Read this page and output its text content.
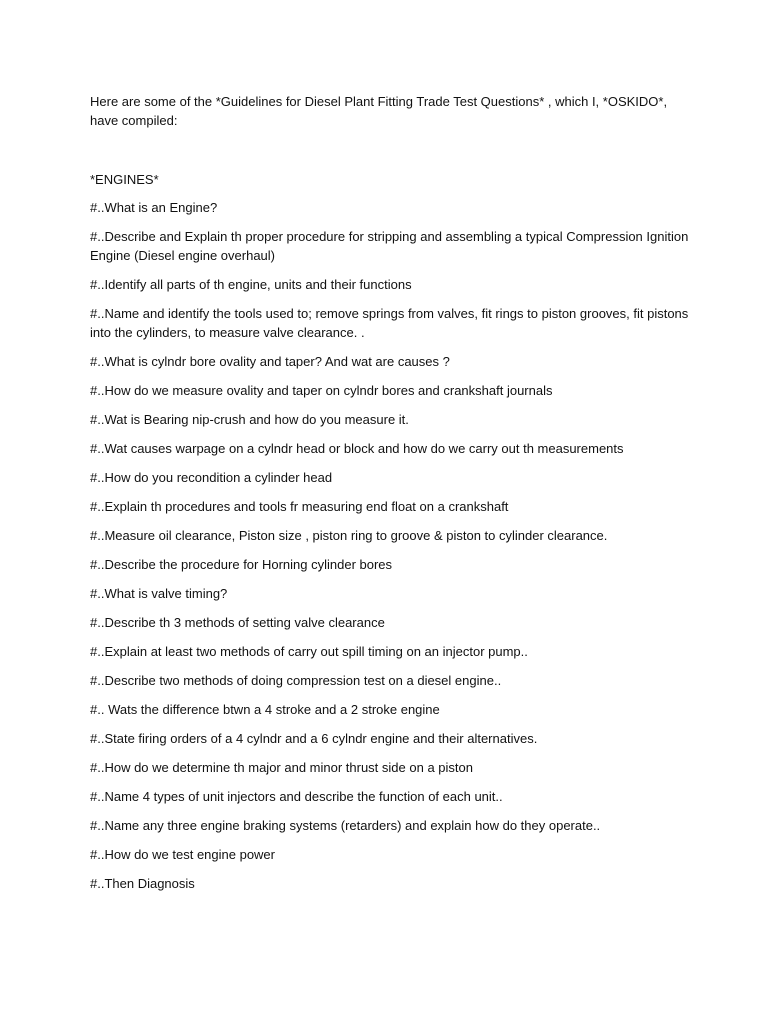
Here are some of the *Guidelines for Diesel Plant Fitting Trade Test Questions* , which I, *OSKIDO*, have compiled:

*ENGINES*

#..What is an Engine?
#..Describe and Explain th proper procedure for stripping and assembling a typical Compression Ignition Engine (Diesel engine overhaul)
#..Identify all parts of th engine, units and their functions
#..Name and identify the tools used to; remove springs from valves, fit rings to piston grooves, fit pistons into the cylinders, to measure valve clearance. .
#..What is cylndr bore ovality and taper? And wat are causes ?
#..How do we measure ovality and taper on cylndr bores and crankshaft journals
#..Wat is Bearing nip-crush and how do you measure it.
#..Wat causes warpage on a cylndr head or block and how do we carry out th measurements
#..How do you recondition a cylinder head
#..Explain th procedures and tools fr measuring end float on a crankshaft
#..Measure oil clearance, Piston size , piston ring to groove & piston to cylinder clearance.
#..Describe the procedure for Horning cylinder bores
#..What is valve timing?
#..Describe th 3 methods of setting valve clearance
#..Explain at least two methods of carry out spill timing on an injector pump..
#..Describe two methods of doing compression test on a diesel engine..
#.. Wats the difference btwn a 4 stroke and a 2 stroke engine
#..State firing orders of a 4 cylndr and a 6 cylndr engine and their alternatives.
#..How do we determine th major and minor thrust side on a piston
#..Name 4 types of unit injectors and describe the function of each unit..
#..Name any three engine braking systems (retarders) and explain how do they operate..
#..How do we test engine power
#..Then Diagnosis
